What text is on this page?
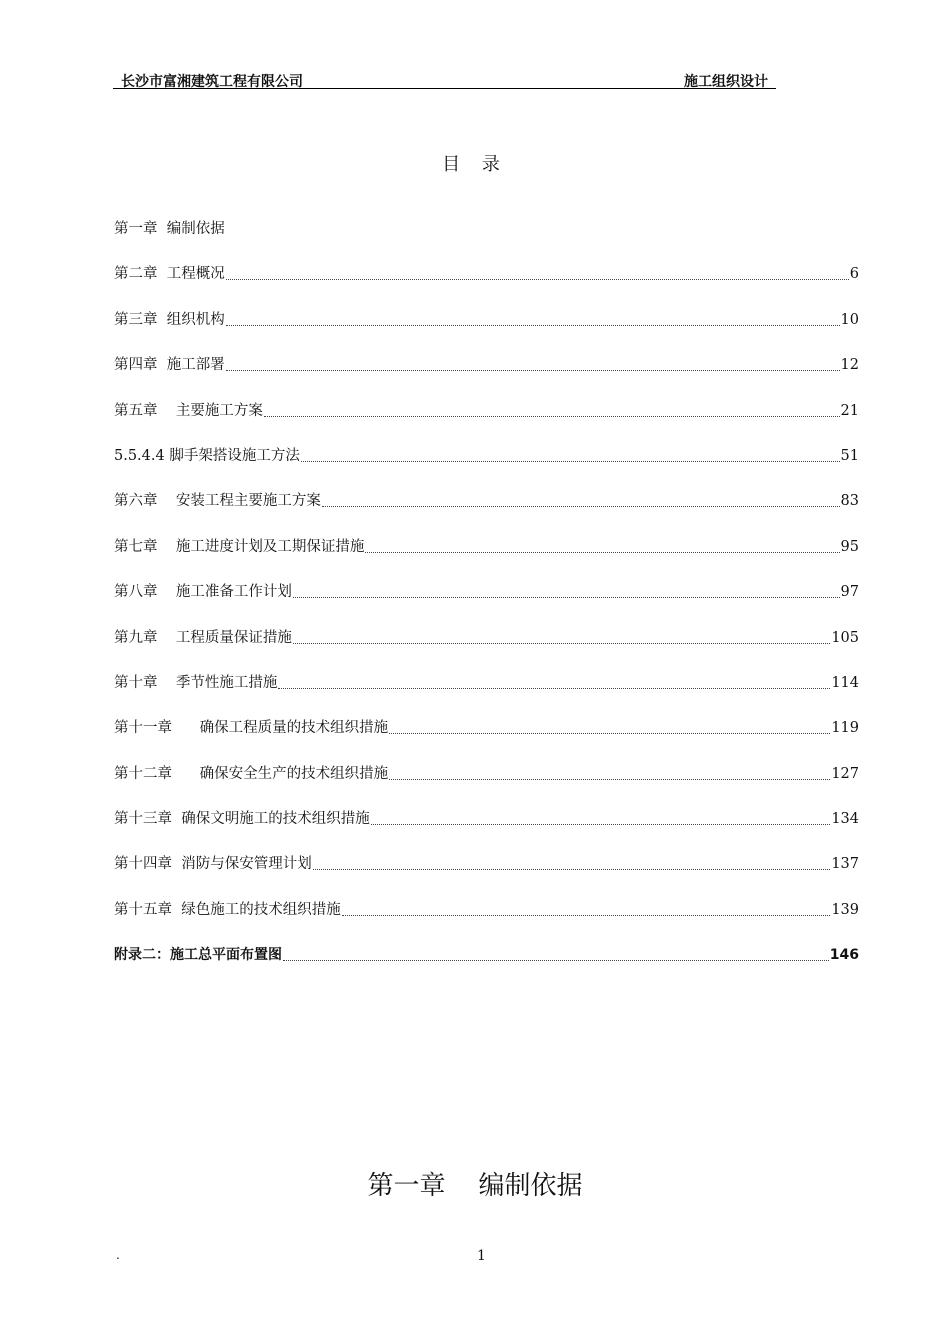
长沙市富湘建筑工程有限公司	施工组织设计
目 录
第一章  编制依据
第二章  工程概况	6
第三章  组织机构	10
第四章  施工部署	12
第五章    主要施工方案	21
5.5.4.4 脚手架搭设施工方法	51
第六章    安装工程主要施工方案	83
第七章    施工进度计划及工期保证措施	95
第八章    施工准备工作计划	97
第九章    工程质量保证措施	105
第十章    季节性施工措施	114
第十一章      确保工程质量的技术组织措施	119
第十二章      确保安全生产的技术组织措施	127
第十三章  确保文明施工的技术组织措施	134
第十四章  消防与保安管理计划	137
第十五章  绿色施工的技术组织措施	139
附录二：施工总平面布置图	146
第一章    编制依据
.	1
